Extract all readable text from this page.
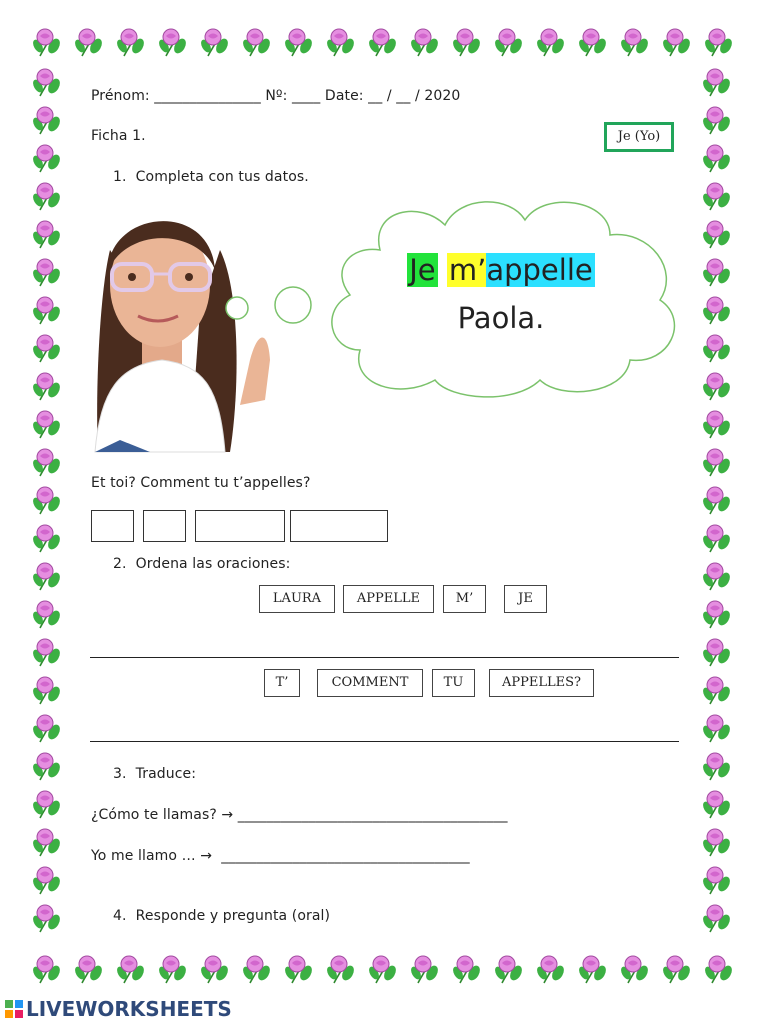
Prénom: _______________ Nº: ____ Date: __ / __ / 2020
Ficha 1.	Je (Yo)
1.  Completa con tus datos.
Je m’appelle
Paola.
Et toi? Comment tu t’appelles?
2.  Ordena las oraciones:
LAURA	APPELLE	M’	JE
T’	COMMENT	TU	APPELLES?
3.  Traduce:
¿Cómo te llamas? → ______________________________________
Yo me llamo … →  ___________________________________
4.  Responde y pregunta (oral)
LIVEWORKSHEETS
